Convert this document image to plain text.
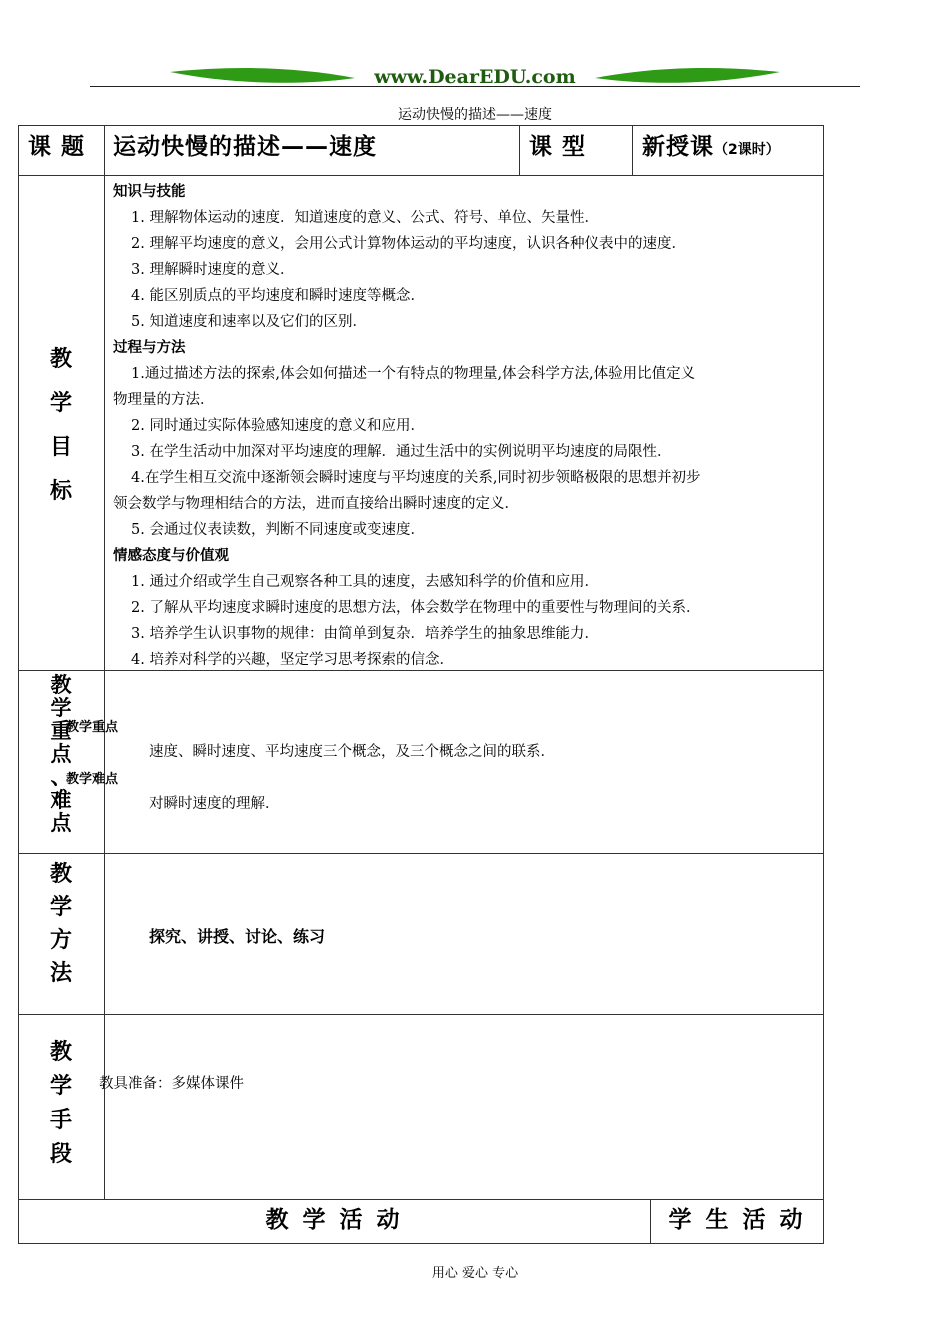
www.DearEDU.com
运动快慢的描述——速度
课 题 运动快慢的描述——速度	课 型 新授课（2课时）
教
学
目
标
知识与技能
1. 理解物体运动的速度．知道速度的意义、公式、符号、单位、矢量性．
2. 理解平均速度的意义，会用公式计算物体运动的平均速度，认识各种仪表中的速度．
3. 理解瞬时速度的意义．
4. 能区别质点的平均速度和瞬时速度等概念．
5. 知道速度和速率以及它们的区别．
过程与方法
1.通过描述方法的探索,体会如何描述一个有特点的物理量,体会科学方法,体验用比值定义
物理量的方法．
2. 同时通过实际体验感知速度的意义和应用．
3. 在学生活动中加深对平均速度的理解．通过生活中的实例说明平均速度的局限性．
4.在学生相互交流中逐渐领会瞬时速度与平均速度的关系,同时初步领略极限的思想并初步
领会数学与物理相结合的方法，进而直接给出瞬时速度的定义．
5. 会通过仪表读数，判断不同速度或变速度．
情感态度与价值观
1. 通过介绍或学生自己观察各种工具的速度，去感知科学的价值和应用．
2. 了解从平均速度求瞬时速度的思想方法，体会数学在物理中的重要性与物理间的关系．
3. 培养学生认识事物的规律：由简单到复杂．培养学生的抽象思维能力．
4. 培养对科学的兴趣，坚定学习思考探索的信念．
教
学
重
点
、
难
点
教学重点
速度、瞬时速度、平均速度三个概念，及三个概念之间的联系．
教学难点
对瞬时速度的理解．
教
学
方
法
探究、讲授、讨论、练习
教
学
手
段
教具准备：多媒体课件
教 学 活 动	学 生 活 动
用心 爱心 专心
